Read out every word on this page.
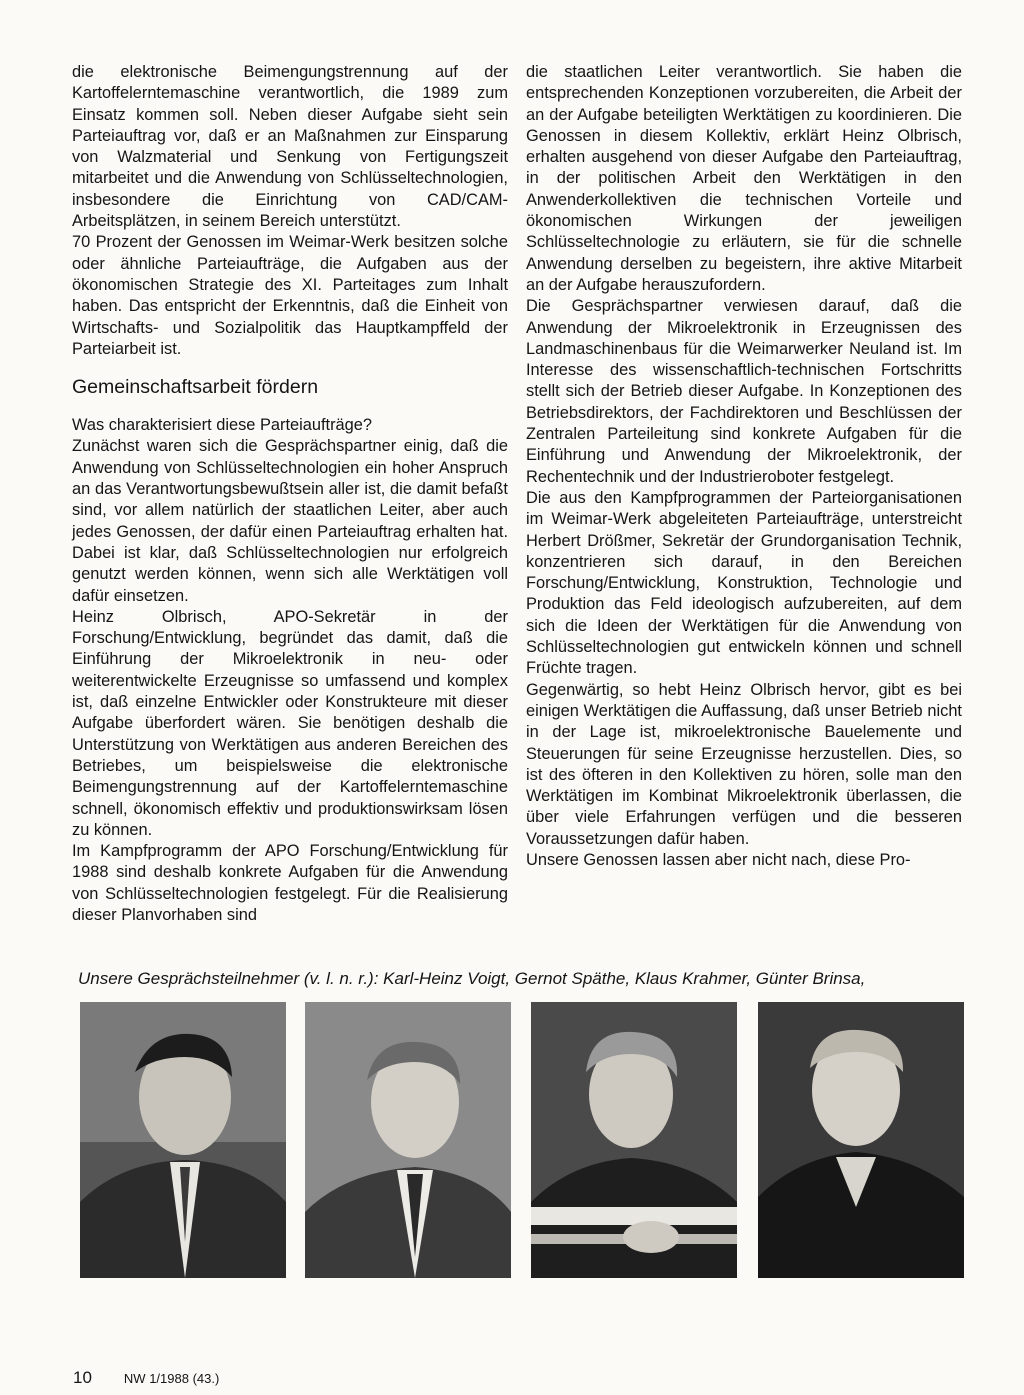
die elektronische Beimengungstrennung auf der Kartoffelerntemaschine verantwortlich, die 1989 zum Einsatz kommen soll. Neben dieser Aufgabe sieht sein Parteiauftrag vor, daß er an Maßnahmen zur Einsparung von Walzmaterial und Senkung von Fertigungszeit mitarbeitet und die Anwendung von Schlüsseltechnologien, insbesondere die Einrichtung von CAD/CAM-Arbeitsplätzen, in seinem Bereich unterstützt.

70 Prozent der Genossen im Weimar-Werk besitzen solche oder ähnliche Parteiaufträge, die Aufgaben aus der ökonomischen Strategie des XI. Parteitages zum Inhalt haben. Das entspricht der Erkenntnis, daß die Einheit von Wirtschafts- und Sozialpolitik das Hauptkampffeld der Parteiarbeit ist.

Gemeinschaftsarbeit fördern

Was charakterisiert diese Parteiaufträge?

Zunächst waren sich die Gesprächspartner einig, daß die Anwendung von Schlüsseltechnologien ein hoher Anspruch an das Verantwortungsbewußtsein aller ist, die damit befaßt sind, vor allem natürlich der staatlichen Leiter, aber auch jedes Genossen, der dafür einen Parteiauftrag erhalten hat. Dabei ist klar, daß Schlüsseltechnologien nur erfolgreich genutzt werden können, wenn sich alle Werktätigen voll dafür einsetzen.

Heinz Olbrisch, APO-Sekretär in der Forschung/Entwicklung, begründet das damit, daß die Einführung der Mikroelektronik in neu- oder weiterentwickelte Erzeugnisse so umfassend und komplex ist, daß einzelne Entwickler oder Konstrukteure mit dieser Aufgabe überfordert wären. Sie benötigen deshalb die Unterstützung von Werktätigen aus anderen Bereichen des Betriebes, um beispielsweise die elektronische Beimengungstrennung auf der Kartoffelerntemaschine schnell, ökonomisch effektiv und produktionswirksam lösen zu können.

Im Kampfprogramm der APO Forschung/Entwicklung für 1988 sind deshalb konkrete Aufgaben für die Anwendung von Schlüsseltechnologien festgelegt. Für die Realisierung dieser Planvorhaben sind

die staatlichen Leiter verantwortlich. Sie haben die entsprechenden Konzeptionen vorzubereiten, die Arbeit der an der Aufgabe beteiligten Werktätigen zu koordinieren. Die Genossen in diesem Kollektiv, erklärt Heinz Olbrisch, erhalten ausgehend von dieser Aufgabe den Parteiauftrag, in der politischen Arbeit den Werktätigen in den Anwenderkollektiven die technischen Vorteile und ökonomischen Wirkungen der jeweiligen Schlüsseltechnologie zu erläutern, sie für die schnelle Anwendung derselben zu begeistern, ihre aktive Mitarbeit an der Aufgabe herauszufordern.

Die Gesprächspartner verwiesen darauf, daß die Anwendung der Mikroelektronik in Erzeugnissen des Landmaschinenbaus für die Weimarwerker Neuland ist. Im Interesse des wissenschaftlich-technischen Fortschritts stellt sich der Betrieb dieser Aufgabe. In Konzeptionen des Betriebsdirektors, der Fachdirektoren und Beschlüssen der Zentralen Parteileitung sind konkrete Aufgaben für die Einführung und Anwendung der Mikroelektronik, der Rechentechnik und der Industrieroboter festgelegt.

Die aus den Kampfprogrammen der Parteiorganisationen im Weimar-Werk abgeleiteten Parteiaufträge, unterstreicht Herbert Drößmer, Sekretär der Grundorganisation Technik, konzentrieren sich darauf, in den Bereichen Forschung/Entwicklung, Konstruktion, Technologie und Produktion das Feld ideologisch aufzubereiten, auf dem sich die Ideen der Werktätigen für die Anwendung von Schlüsseltechnologien gut entwickeln können und schnell Früchte tragen.

Gegenwärtig, so hebt Heinz Olbrisch hervor, gibt es bei einigen Werktätigen die Auffassung, daß unser Betrieb nicht in der Lage ist, mikroelektronische Bauelemente und Steuerungen für seine Erzeugnisse herzustellen. Dies, so ist des öfteren in den Kollektiven zu hören, solle man den Werktätigen im Kombinat Mikroelektronik überlassen, die über viele Erfahrungen verfügen und die besseren Voraussetzungen dafür haben.

Unsere Genossen lassen aber nicht nach, diese Pro-

Unsere Gesprächsteilnehmer (v. l. n. r.): Karl-Heinz Voigt, Gernot Späthe, Klaus Krahmer, Günter Brinsa,
10 NW 1/1988 (43.)
